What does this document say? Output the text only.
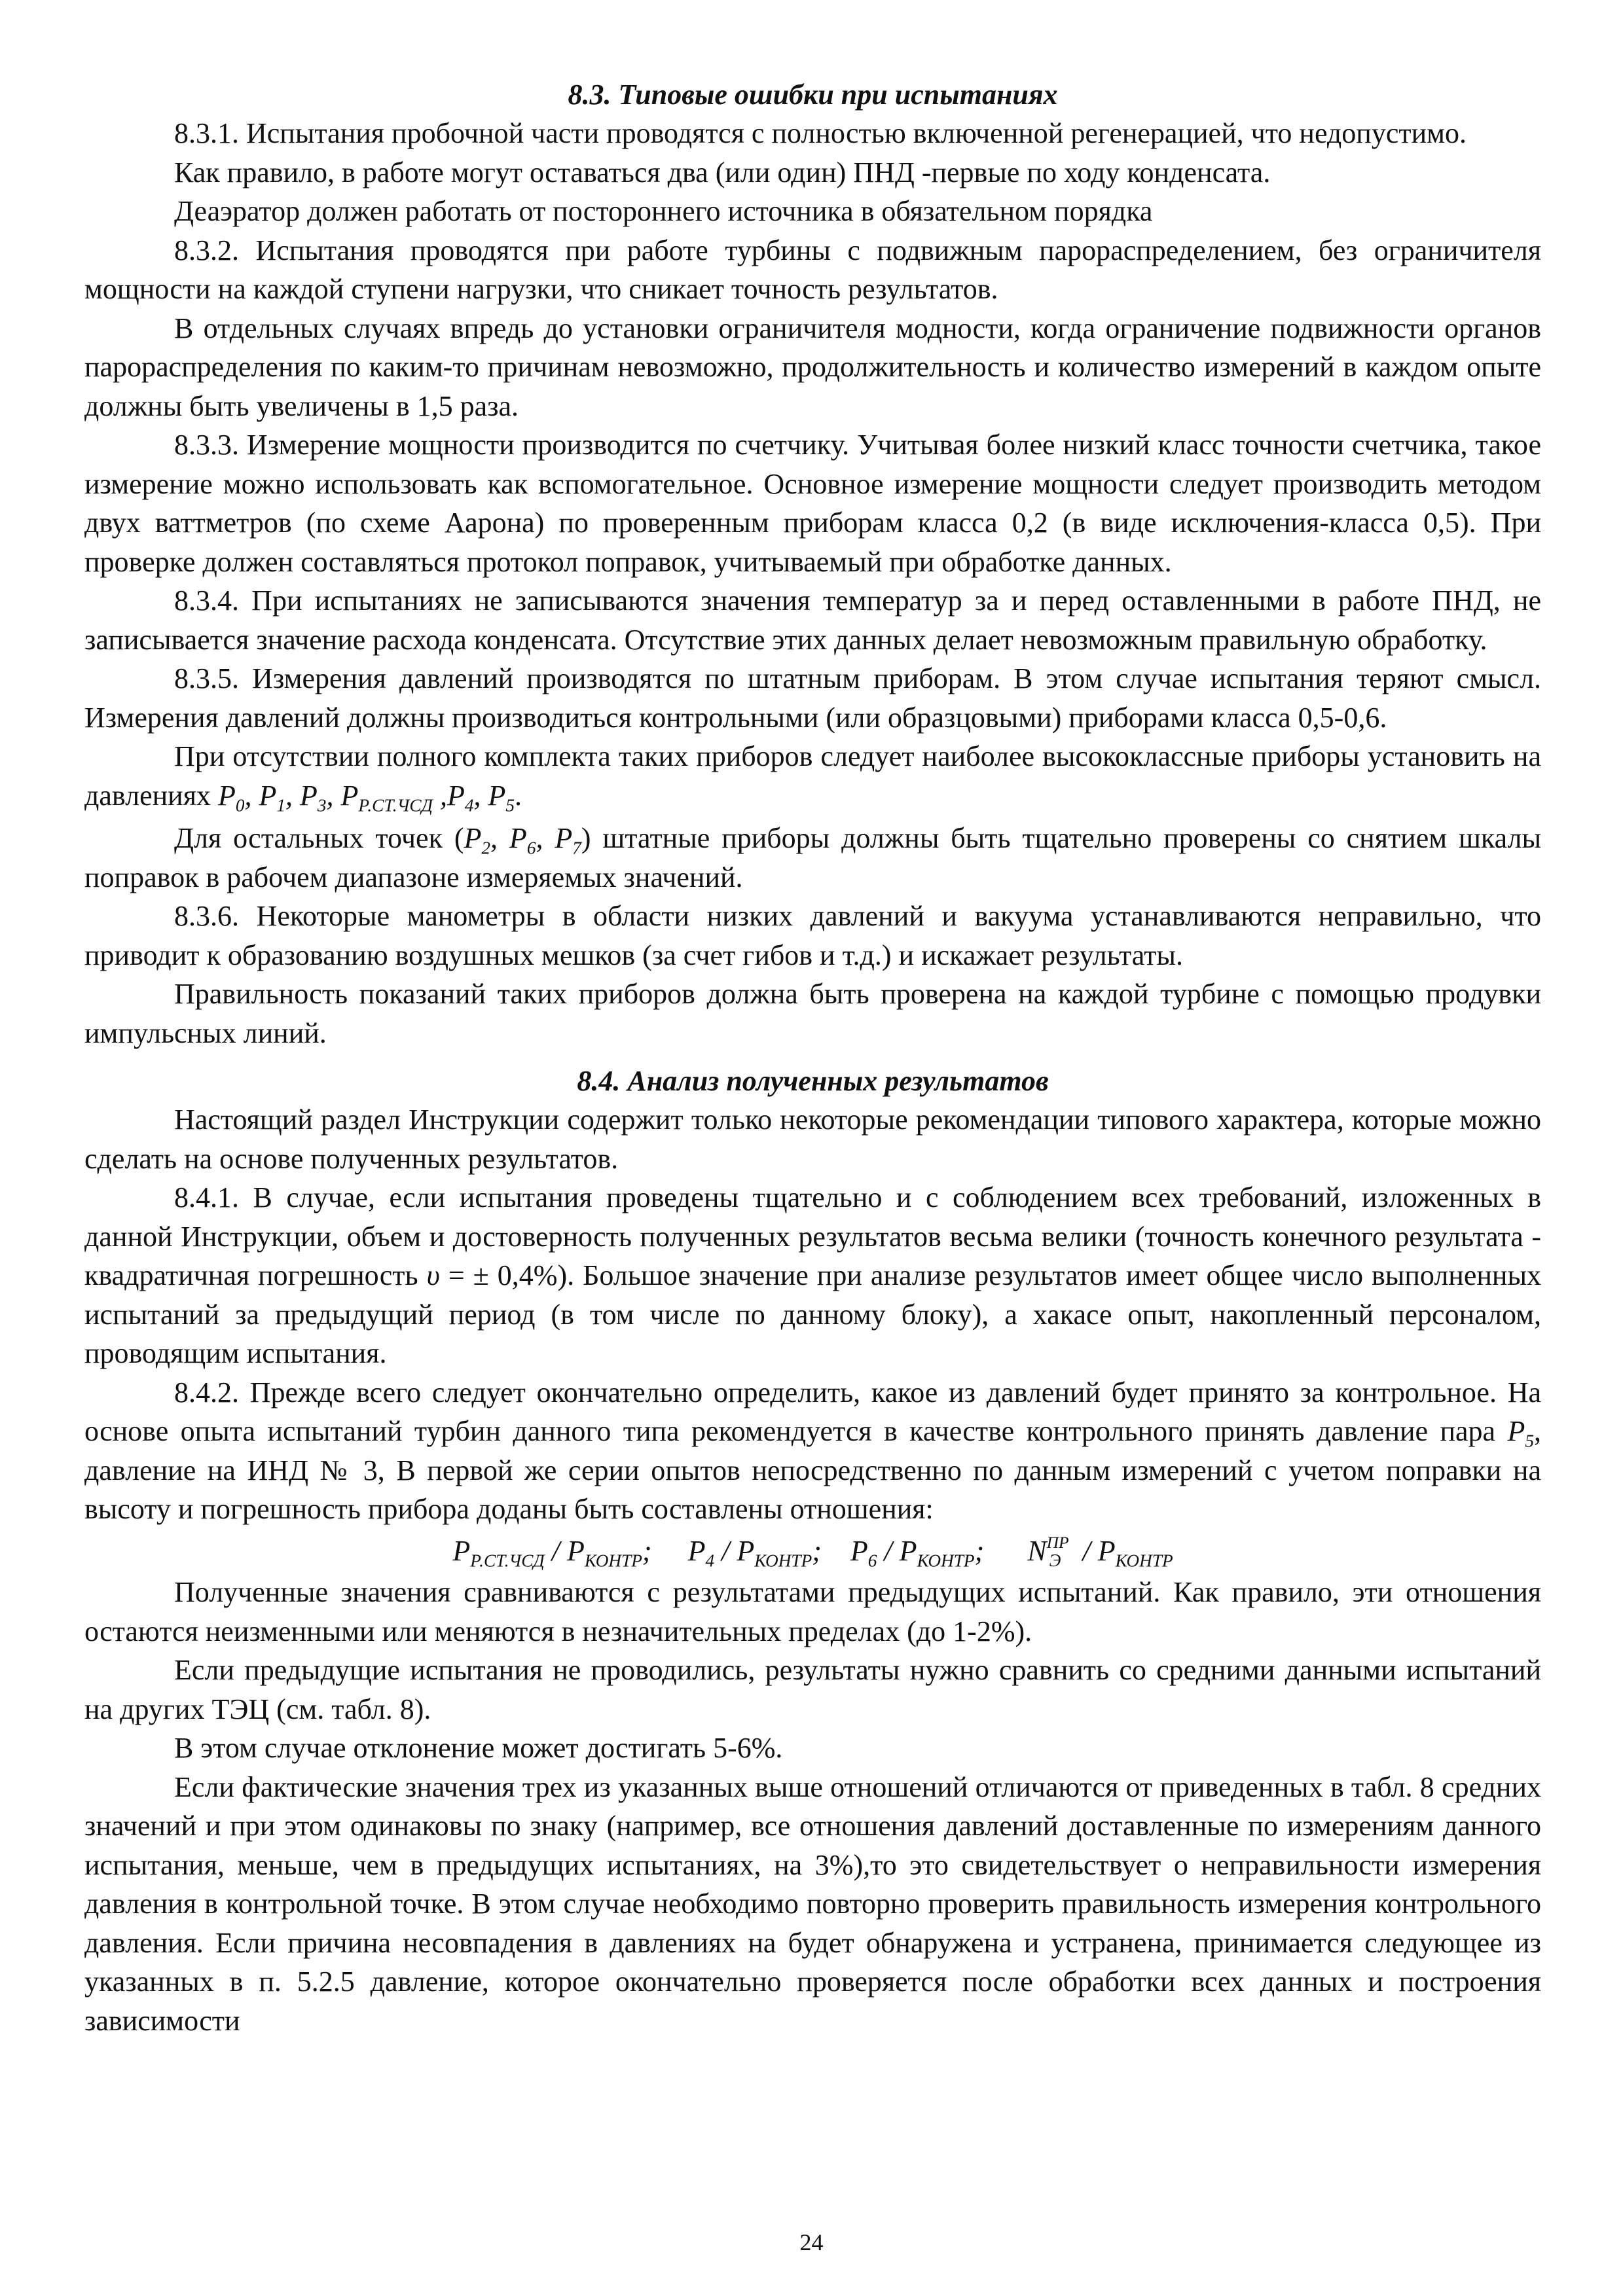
8.3. Типовые ошибки при испытаниях

8.3.1. Испытания пробочной части проводятся с полностью включенной регенерацией, что недопустимо.

Как правило, в работе могут оставаться два (или один) ПНД -первые по ходу конденсата.

Деаэратор должен работать от постороннего источника в обязательном порядка

8.3.2. Испытания проводятся при работе турбины с подвижным парораспределением, без ограничителя мощности на каждой ступени нагрузки, что сникает точность результатов.

В отдельных случаях впредь до установки ограничителя модности, когда ограничение подвижности органов парораспределения по каким-то причинам невозможно, продолжительность и количество измерений в каждом опыте должны быть увеличены в 1,5 раза.

8.3.3. Измерение мощности производится по счетчику. Учитывая более низкий класс точности счетчика, такое измерение можно использовать как вспомогательное. Основное измерение мощности следует производить методом двух ваттметров (по схеме Аарона) по проверенным приборам класса 0,2 (в виде исключения-класса 0,5). При проверке должен составляться протокол поправок, учитываемый при обработке данных.

8.3.4. При испытаниях не записываются значения температур за и перед оставленными в работе ПНД, не записывается значение расхода конденсата. Отсутствие этих данных делает невозможным правильную обработку.

8.3.5. Измерения давлений производятся по штатным приборам. В этом случае испытания теряют смысл. Измерения давлений должны производиться контрольными (или образцовыми) приборами класса 0,5-0,6.

При отсутствии полного комплекта таких приборов следует наиболее высококлассные приборы установить на давлениях $P_0$, $P_1$, $P_3$, $P_{Р.СТ.ЧСД}$ $,P_4$, $P_5$.

Для остальных точек ($P_2$, $P_6$, $P_7$) штатные приборы должны быть тщательно проверены со снятием шкалы поправок в рабочем диапазоне измеряемых значений.

8.3.6. Некоторые манометры в области низких давлений и вакуума устанавливаются неправильно, что приводит к образованию воздушных мешков (за счет гибов и т.д.) и искажает результаты.

Правильность показаний таких приборов должна быть проверена на каждой турбине с помощью продувки импульсных линий.

8.4. Анализ полученных результатов

Настоящий раздел Инструкции содержит только некоторые рекомендации типового характера, которые можно сделать на основе полученных результатов.

8.4.1. В случае, если испытания проведены тщательно и с соблюдением всех требований, изложенных в данной Инструкции, объем и достоверность полученных результатов весьма велики (точность конечного результата - квадратичная погрешность υ = ± 0,4%). Большое значение при анализе результатов имеет общее число выполненных испытаний за предыдущий период (в том числе по данному блоку), а хакасе опыт, накопленный персоналом, проводящим испытания.

8.4.2. Прежде всего следует окончательно определить, какое из давлений будет принято за контрольное. На основе опыта испытаний турбин данного типа рекомендуется в качестве контрольного принять давление пара $P_5$, давление на ИНД № 3, В первой же серии опытов непосредственно по данным измерений с учетом поправки на высоту и погрешность прибора доданы быть составлены отношения:

$P_{Р.СТ.ЧСД} / P_{КОНТР}$; $P_4 / P_{КОНТР}$; $P_6 / P_{КОНТР}$; $N^{ПР}_Э / P_{КОНТР}$

Полученные значения сравниваются с результатами предыдущих испытаний. Как правило, эти отношения остаются неизменными или меняются в незначительных пределах (до 1-2%).

Если предыдущие испытания не проводились, результаты нужно сравнить со средними данными испытаний на других ТЭЦ (см. табл. 8).

В этом случае отклонение может достигать 5-6%.

Если фактические значения трех из указанных выше отношений отличаются от приведенных в табл. 8 средних значений и при этом одинаковы по знаку (например, все отношения давлений доставленные по измерениям данного испытания, меньше, чем в предыдущих испытаниях, на 3%),то это свидетельствует о неправильности измерения давления в контрольной точке. В этом случае необходимо повторно проверить правильность измерения контрольного давления. Если причина несовпадения в давлениях на будет обнаружена и устранена, принимается следующее из указанных в п. 5.2.5 давление, которое окончательно проверяется после обработки всех данных и построения зависимости

24
